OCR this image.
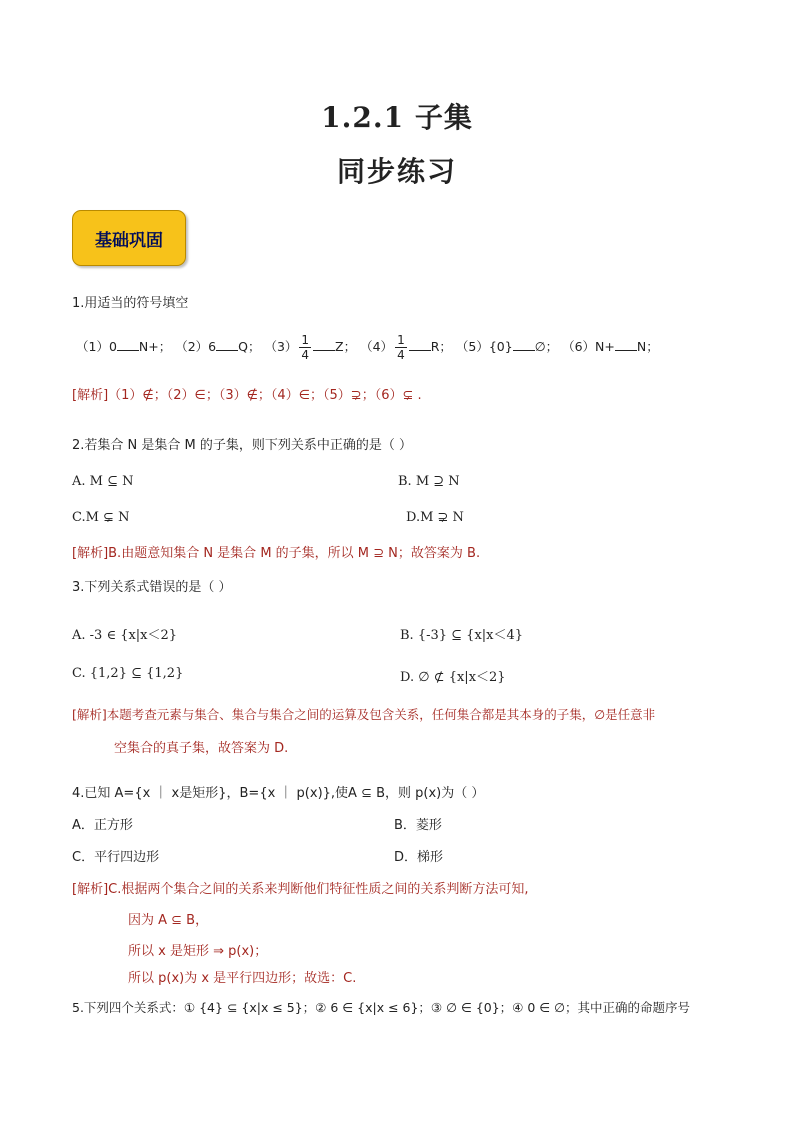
1.2.1 子集
同步练习
基础巩固
1.用适当的符号填空
（1）0 N+； （2）6 Q； $(3) \frac{1}{4}$ Z； $(4) \frac{1}{4}$ R； （5）{0} ∅； （6）N+ N；
[解析]（1）∉；（2）∈；（3）∉；（4）∈；（5）⊋；（6）⊊ .
2.若集合 N 是集合 M 的子集，则下列关系中正确的是（ ）
A. M ⊆ N	B. M ⊇ N
C.M ⊊ N	D.M ⊋ N
[解析]B.由题意知集合 N 是集合 M 的子集，所以 M ⊇ N；故答案为 B.
3.下列关系式错误的是（ ）
A. -3 ∈ {x|x＜2}	B. {-3} ⊆ {x|x＜4}
C. {1,2} ⊆ {1,2}	D. ∅ ⊄ {x|x＜2}
[解析]本题考查元素与集合、集合与集合之间的运算及包含关系，任何集合都是其本身的子集，∅是任意非
空集合的真子集，故答案为 D.
4.已知 A={x ｜ x是矩形}，B={x ｜ p(x)},使A ⊆ B，则 p(x)为（ ）
A．正方形	B．菱形
C．平行四边形	D．梯形
[解析]C.根据两个集合之间的关系来判断他们特征性质之间的关系判断方法可知,
因为 A ⊆ B，
所以 x 是矩形 ⇒ p(x)；
所以 p(x)为 x 是平行四边形；故选：C.
5.下列四个关系式：① {4} ⊆ {x|x ≤ 5}；② 6 ∈ {x|x ≤ 6}；③ ∅ ∈ {0}；④ 0 ∈ ∅；其中正确的命题序号
